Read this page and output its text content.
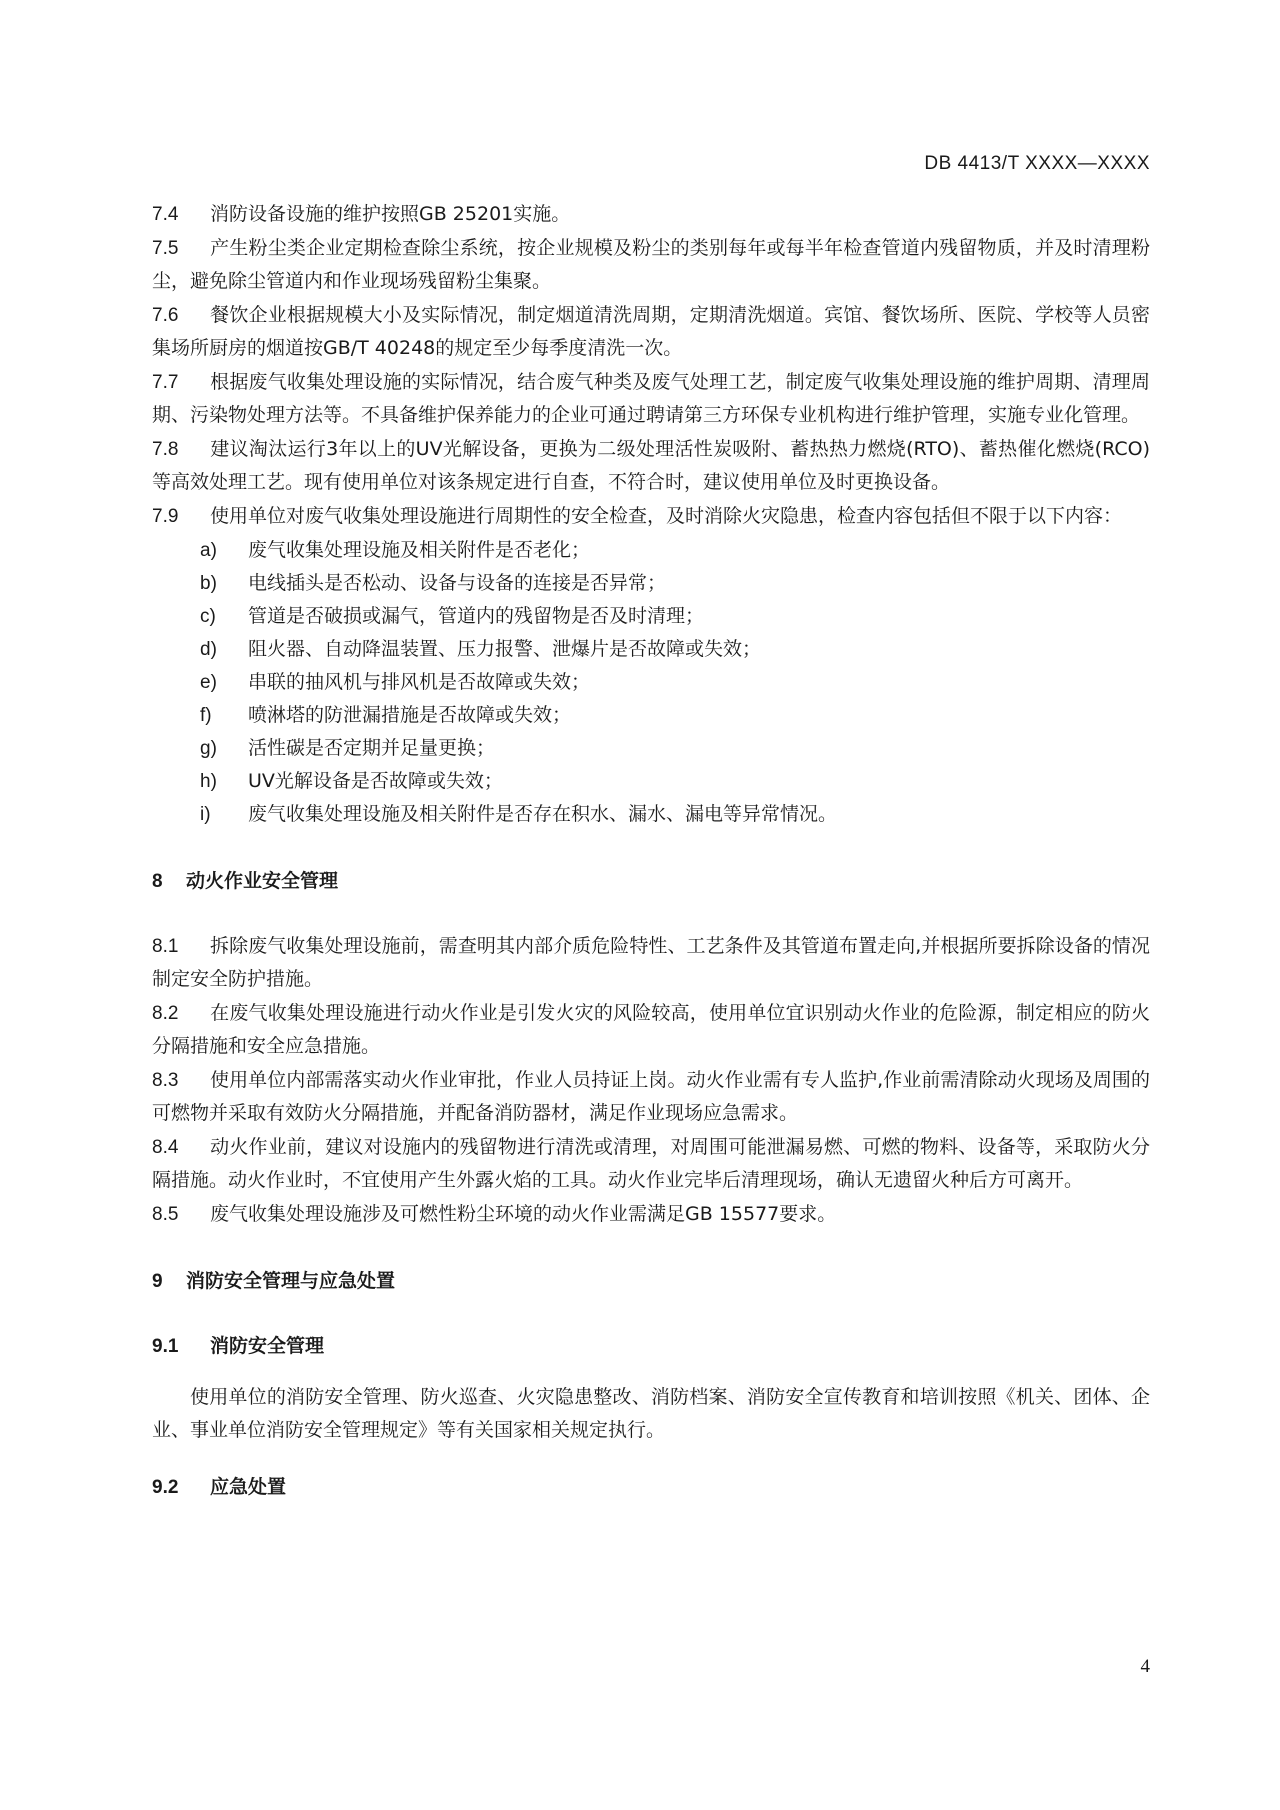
DB 4413/T XXXX—XXXX
7.4 消防设备设施的维护按照GB 25201实施。
7.5 产生粉尘类企业定期检查除尘系统，按企业规模及粉尘的类别每年或每半年检查管道内残留物质，并及时清理粉尘，避免除尘管道内和作业现场残留粉尘集聚。
7.6 餐饮企业根据规模大小及实际情况，制定烟道清洗周期，定期清洗烟道。宾馆、餐饮场所、医院、学校等人员密集场所厨房的烟道按GB/T 40248的规定至少每季度清洗一次。
7.7 根据废气收集处理设施的实际情况，结合废气种类及废气处理工艺，制定废气收集处理设施的维护周期、清理周期、污染物处理方法等。不具备维护保养能力的企业可通过聘请第三方环保专业机构进行维护管理，实施专业化管理。
7.8 建议淘汰运行3年以上的UV光解设备，更换为二级处理活性炭吸附、蓄热热力燃烧(RTO)、蓄热催化燃烧(RCO)等高效处理工艺。现有使用单位对该条规定进行自查，不符合时，建议使用单位及时更换设备。
7.9 使用单位对废气收集处理设施进行周期性的安全检查，及时消除火灾隐患，检查内容包括但不限于以下内容：
a) 废气收集处理设施及相关附件是否老化；
b) 电线插头是否松动、设备与设备的连接是否异常；
c) 管道是否破损或漏气，管道内的残留物是否及时清理；
d) 阻火器、自动降温装置、压力报警、泄爆片是否故障或失效；
e) 串联的抽风机与排风机是否故障或失效；
f) 喷淋塔的防泄漏措施是否故障或失效；
g) 活性碳是否定期并足量更换；
h) UV光解设备是否故障或失效；
i) 废气收集处理设施及相关附件是否存在积水、漏水、漏电等异常情况。
8 动火作业安全管理
8.1 拆除废气收集处理设施前，需查明其内部介质危险特性、工艺条件及其管道布置走向,并根据所要拆除设备的情况制定安全防护措施。
8.2 在废气收集处理设施进行动火作业是引发火灾的风险较高，使用单位宜识别动火作业的危险源，制定相应的防火分隔措施和安全应急措施。
8.3 使用单位内部需落实动火作业审批，作业人员持证上岗。动火作业需有专人监护,作业前需清除动火现场及周围的可燃物并采取有效防火分隔措施，并配备消防器材，满足作业现场应急需求。
8.4 动火作业前，建议对设施内的残留物进行清洗或清理，对周围可能泄漏易燃、可燃的物料、设备等，采取防火分隔措施。动火作业时，不宜使用产生外露火焰的工具。动火作业完毕后清理现场，确认无遗留火种后方可离开。
8.5 废气收集处理设施涉及可燃性粉尘环境的动火作业需满足GB 15577要求。
9 消防安全管理与应急处置
9.1 消防安全管理
使用单位的消防安全管理、防火巡查、火灾隐患整改、消防档案、消防安全宣传教育和培训按照《机关、团体、企业、事业单位消防安全管理规定》等有关国家相关规定执行。
9.2 应急处置
4
